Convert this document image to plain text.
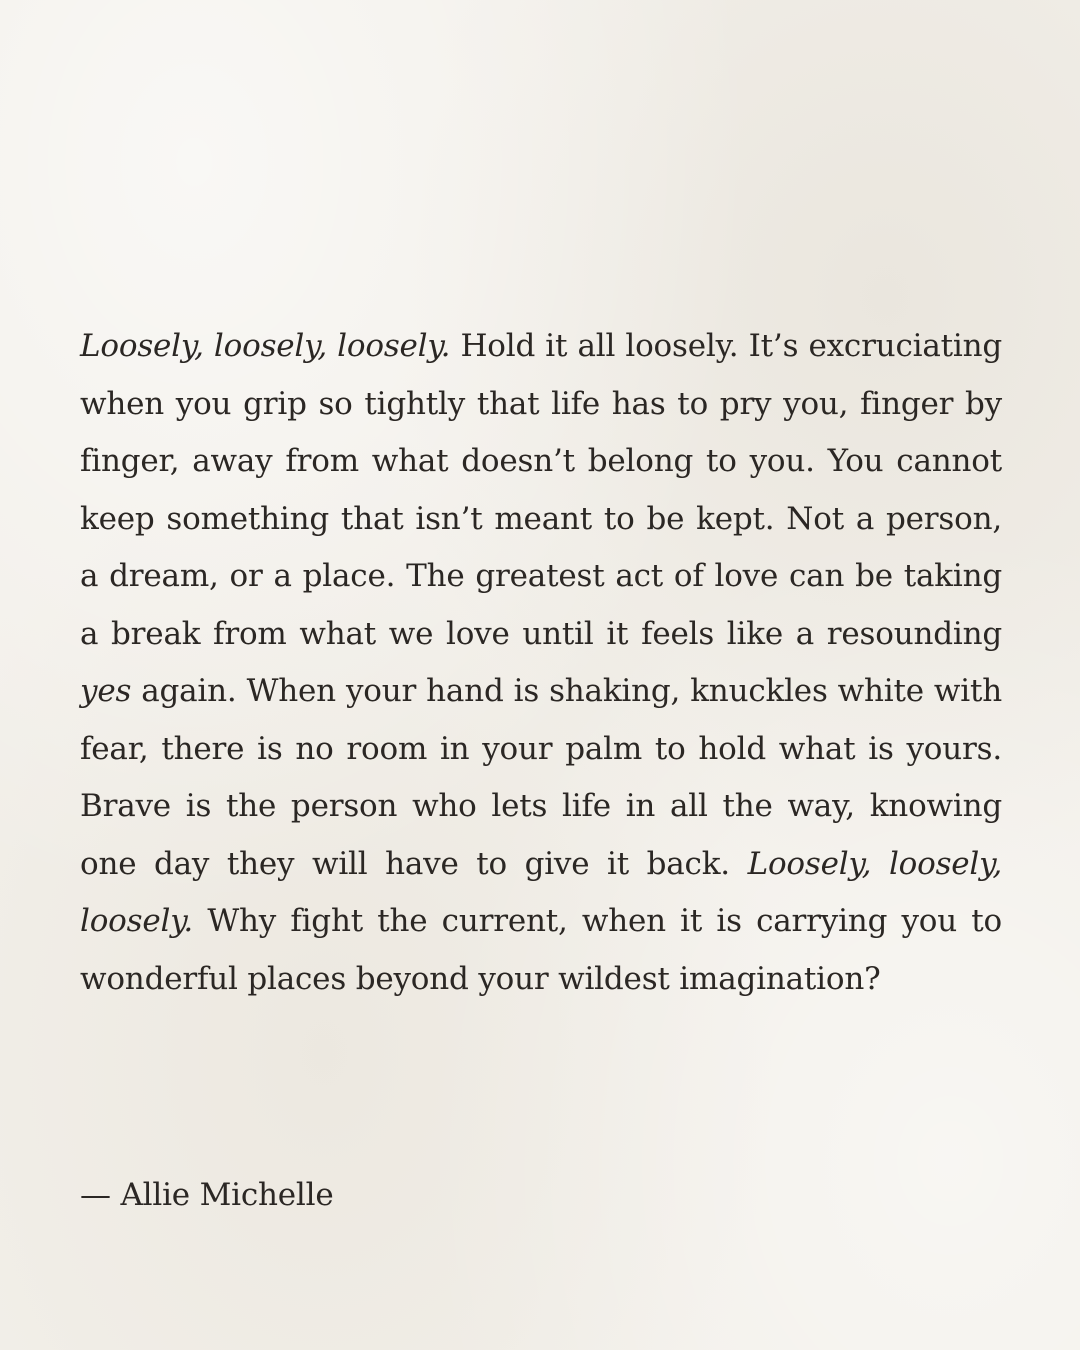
Loosely, loosely, loosely. Hold it all loosely. It’s excruciating when you grip so tightly that life has to pry you, finger by finger, away from what doesn’t belong to you. You cannot keep something that isn’t meant to be kept. Not a person, a dream, or a place. The greatest act of love can be taking a break from what we love until it feels like a resounding yes again. When your hand is shaking, knuckles white with fear, there is no room in your palm to hold what is yours. Brave is the person who lets life in all the way, knowing one day they will have to give it back. Loosely, loosely, loosely. Why fight the current, when it is carrying you to wonderful places beyond your wildest imagination?

— Allie Michelle
